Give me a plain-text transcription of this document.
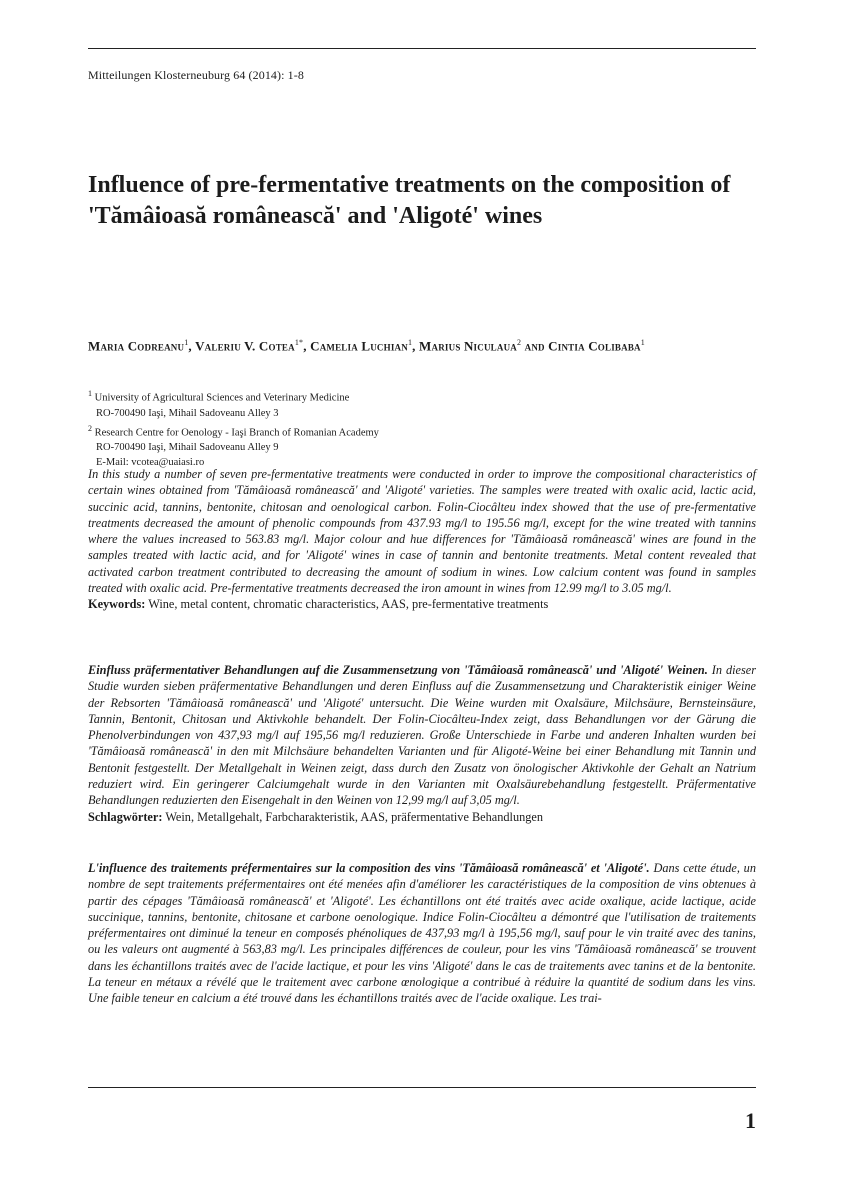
Mitteilungen Klosterneuburg 64 (2014): 1-8
Influence of pre-fermentative treatments on the composition of 'Tămâioasă românească' and 'Aligoté' wines
Maria Codreanu$^1$, Valeriu V. Cotea$^{1*}$, Camelia Luchian$^1$, Marius Niculaua$^2$ and Cintia Colibaba$^1$
$^1$ University of Agricultural Sciences and Veterinary Medicine
RO-700490 Iaşi, Mihail Sadoveanu Alley 3
$^2$ Research Centre for Oenology - Iaşi Branch of Romanian Academy
RO-700490 Iaşi, Mihail Sadoveanu Alley 9
E-Mail: vcotea@uaiasi.ro
In this study a number of seven pre-fermentative treatments were conducted in order to improve the compositional characteristics of certain wines obtained from 'Tămâioasă românească' and 'Aligoté' varieties. The samples were treated with oxalic acid, lactic acid, succinic acid, tannins, bentonite, chitosan and oenological carbon. Folin-Ciocâlteu index showed that the use of pre-fermentative treatments decreased the amount of phenolic compounds from 437.93 mg/l to 195.56 mg/l, except for the wine treated with tannins where the values increased to 563.83 mg/l. Major colour and hue differences for 'Tămâioasă românească' wines are found in the samples treated with lactic acid, and for 'Aligoté' wines in case of tannin and bentonite treatments. Metal content revealed that activated carbon treatment contributed to decreasing the amount of sodium in wines. Low calcium content was found in samples treated with oxalic acid. Pre-fermentative treatments decreased the iron amount in wines from 12.99 mg/l to 3.05 mg/l.
Keywords: Wine, metal content, chromatic characteristics, AAS, pre-fermentative treatments
Einfluss präfermentativer Behandlungen auf die Zusammensetzung von 'Tămâioasă românească' und 'Aligoté' Weinen. In dieser Studie wurden sieben präfermentative Behandlungen und deren Einfluss auf die Zusammensetzung und Charakteristik einiger Weine der Rebsorten 'Tămâioasă românească' und 'Aligoté' untersucht. Die Weine wurden mit Oxalsäure, Milchsäure, Bernsteinsäure, Tannin, Bentonit, Chitosan und Aktivkohle behandelt. Der Folin-Ciocâlteu-Index zeigt, dass Behandlungen vor der Gärung die Phenolverbindungen von 437,93 mg/l auf 195,56 mg/l reduzieren. Große Unterschiede in Farbe und anderen Inhalten wurden bei 'Tămâioasă românească' in den mit Milchsäure behandelten Varianten und für Aligoté-Weine bei einer Behandlung mit Tannin und Bentonit festgestellt. Der Metallgehalt in Weinen zeigt, dass durch den Zusatz von önologischer Aktivkohle der Gehalt an Natrium reduziert wird. Ein geringerer Calciumgehalt wurde in den Varianten mit Oxalsäurebehandlung festgestellt. Präfermentative Behandlungen reduzierten den Eisengehalt in den Weinen von 12,99 mg/l auf 3,05 mg/l.
Schlagwörter: Wein, Metallgehalt, Farbcharakteristik, AAS, präfermentative Behandlungen
L'influence des traitements préfermentaires sur la composition des vins 'Tămâioasă românească' et 'Aligoté'. Dans cette étude, un nombre de sept traitements préfermentaires ont été menées afin d'améliorer les caractéristiques de la composition de vins obtenues à partir des cépages 'Tămâioasă românească' et 'Aligoté'. Les échantillons ont été traités avec acide oxalique, acide lactique, acide succinique, tannins, bentonite, chitosane et carbone oenologique. Indice Folin-Ciocâlteu a démontré que l'utilisation de traitements préfermentaires ont diminué la teneur en composés phénoliques de 437,93 mg/l à 195,56 mg/l, sauf pour le vin traité avec des tanins, ou les valeurs ont augmenté à 563,83 mg/l. Les principales différences de couleur, pour les vins 'Tămâioasă românească' se trouvent dans les échantillons traités avec de l'acide lactique, et pour les vins 'Aligoté' dans le cas de traitements avec tanins et de la bentonite. La teneur en métaux a révélé que le traitement avec carbone œnologique a contribué à réduire la quantité de sodium dans les vins. Une faible teneur en calcium a été trouvé dans les échantillons traités avec de l'acide oxalique. Les trai-
1
